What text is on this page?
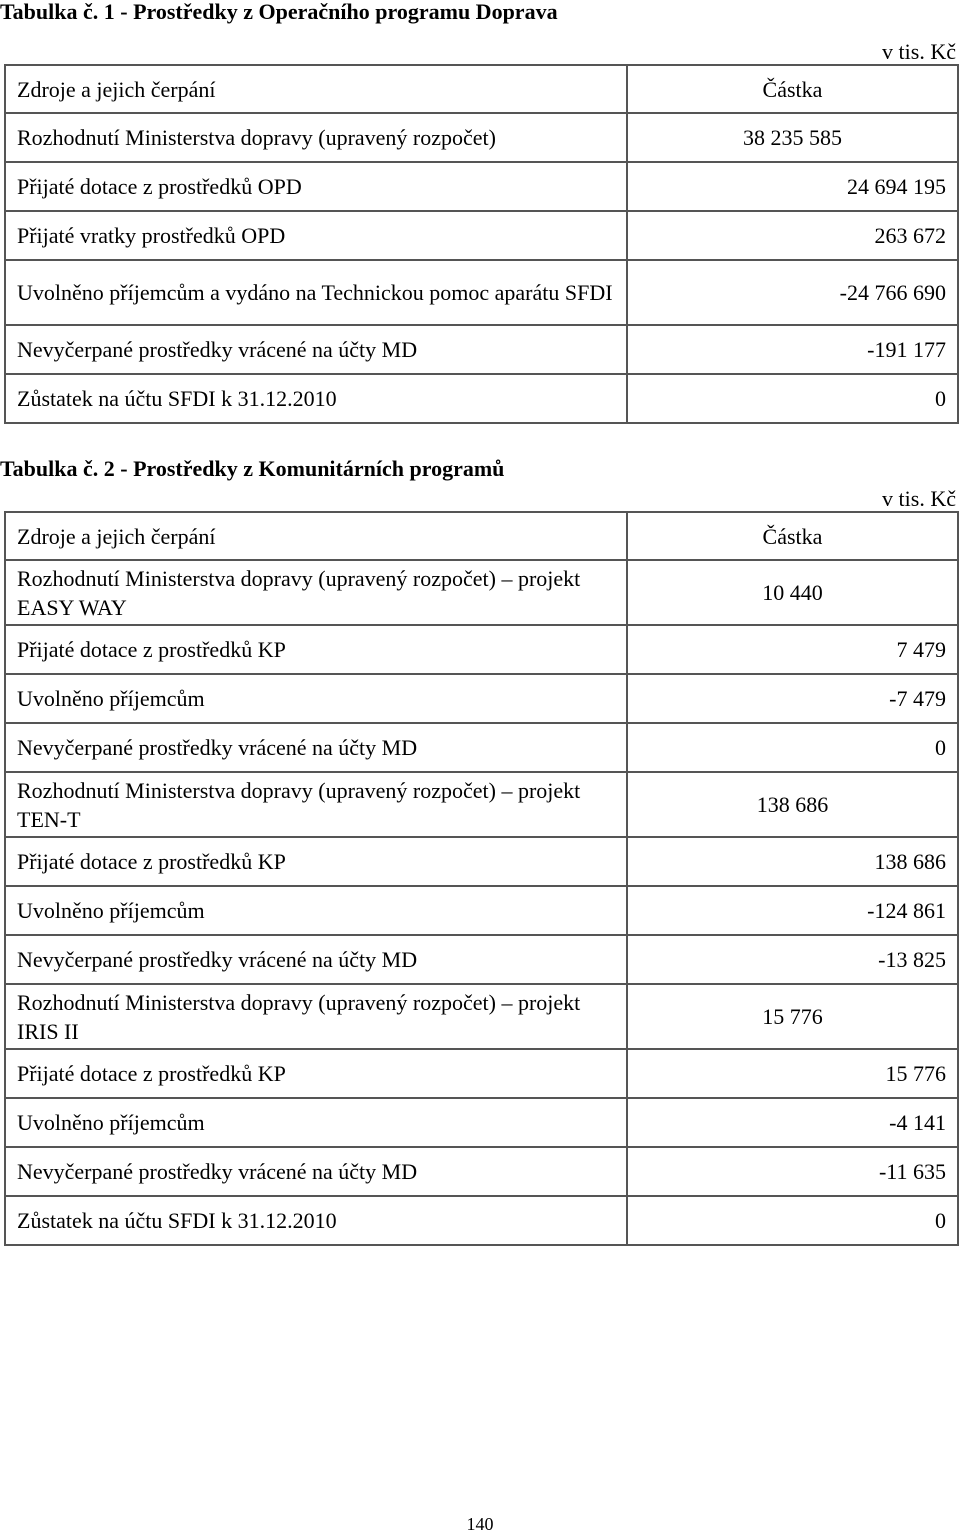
Tabulka č. 1 - Prostředky z Operačního programu Doprava
v tis. Kč
Zdroje a jejich čerpání	Částka
Rozhodnutí Ministerstva dopravy (upravený rozpočet)	38 235 585
Přijaté dotace z prostředků OPD	24 694 195
Přijaté vratky prostředků OPD	263 672
Uvolněno příjemcům a vydáno na Technickou pomoc aparátu SFDI	-24 766 690
Nevyčerpané prostředky vrácené na účty MD	-191 177
Zůstatek na účtu SFDI k 31.12.2010	0
Tabulka č. 2 - Prostředky z Komunitárních programů
v tis. Kč
Zdroje a jejich čerpání	Částka
Rozhodnutí Ministerstva dopravy (upravený rozpočet) – projekt EASY WAY	10 440
Přijaté dotace z prostředků KP	7 479
Uvolněno příjemcům	-7 479
Nevyčerpané prostředky vrácené na účty MD	0
Rozhodnutí Ministerstva dopravy (upravený rozpočet) – projekt TEN-T	138 686
Přijaté dotace z prostředků KP	138 686
Uvolněno příjemcům	-124 861
Nevyčerpané prostředky vrácené na účty MD	-13 825
Rozhodnutí Ministerstva dopravy (upravený rozpočet) – projekt IRIS II	15 776
Přijaté dotace z prostředků KP	15 776
Uvolněno příjemcům	-4 141
Nevyčerpané prostředky vrácené na účty MD	-11 635
Zůstatek na účtu SFDI k 31.12.2010	0
140
